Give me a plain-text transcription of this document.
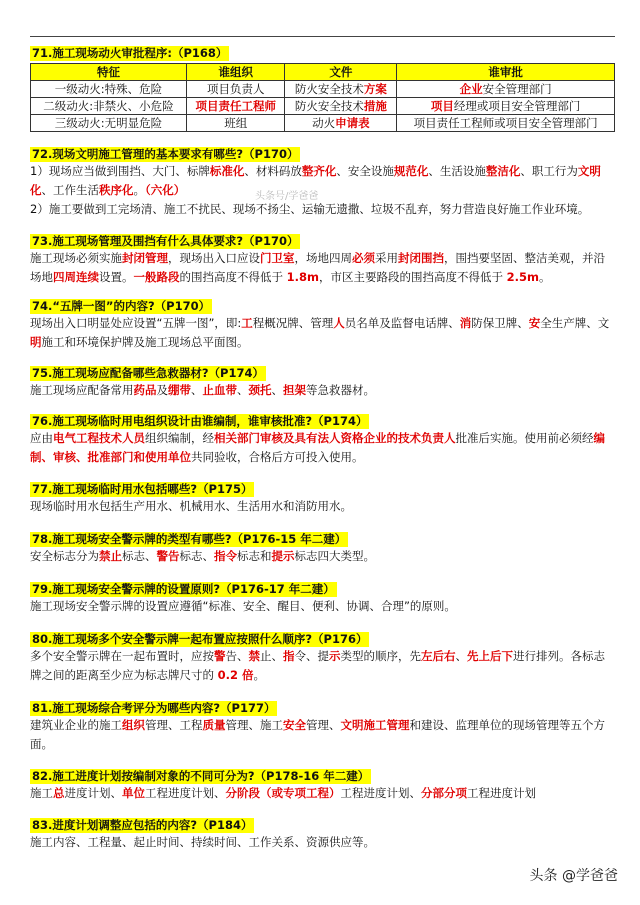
71.施工现场动火审批程序:（P168）
特征	谁组织	文件	谁审批
一级动火:特殊、危险	项目负责人	防火安全技术方案	企业安全管理部门
二级动火:非禁火、小危险	项目责任工程师	防火安全技术措施	项目经理或项目安全管理部门
三级动火:无明显危险	班组	动火申请表	项目责任工程师或项目安全管理部门
72.现场文明施工管理的基本要求有哪些?（P170）

1）现场应当做到围挡、大门、标牌标准化、材料码放整齐化、安全设施规范化、生活设施整洁化、职工行为文明化、工作生活秩序化。（六化）

2）施工要做到工完场清、施工不扰民、现场不扬尘、运输无遗撒、垃圾不乱弃，努力营造良好施工作业环境。

73.施工现场管理及围挡有什么具体要求?（P170）

施工现场必须实施封闭管理，现场出入口应设门卫室，场地四周必须采用封闭围挡，围挡要坚固、整洁美观，并沿场地四周连续设置。一般路段的围挡高度不得低于 1.8m，市区主要路段的围挡高度不得低于 2.5m。

74.“五牌一图”的内容?（P170）

现场出入口明显处应设置“五牌一图”，即:工程概况牌、管理人员名单及监督电话牌、消防保卫牌、安全生产牌、文明施工和环境保护牌及施工现场总平面图。

75.施工现场应配备哪些急救器材?（P174）

施工现场应配备常用药品及绷带、止血带、颈托、担架等急救器材。

76.施工现场临时用电组织设计由谁编制，谁审核批准?（P174）

应由电气工程技术人员组织编制，经相关部门审核及具有法人资格企业的技术负责人批准后实施。使用前必须经编制、审核、批准部门和使用单位共同验收，合格后方可投入使用。

77.施工现场临时用水包括哪些?（P175）

现场临时用水包括生产用水、机械用水、生活用水和消防用水。

78.施工现场安全警示牌的类型有哪些?（P176-15 年二建）

安全标志分为禁止标志、警告标志、指令标志和提示标志四大类型。

79.施工现场安全警示牌的设置原则?（P176-17 年二建）

施工现场安全警示牌的设置应遵循“标准、安全、醒目、便利、协调、合理”的原则。

80.施工现场多个安全警示牌一起布置应按照什么顺序?（P176）

多个安全警示牌在一起布置时，应按警告、禁止、指令、提示类型的顺序，先左后右、先上后下进行排列。各标志牌之间的距离至少应为标志牌尺寸的 0.2 倍。

81.施工现场综合考评分为哪些内容?（P177）

建筑业企业的施工组织管理、工程质量管理、施工安全管理、文明施工管理和建设、监理单位的现场管理等五个方面。

82.施工进度计划按编制对象的不同可分为?（P178-16 年二建）

施工总进度计划、单位工程进度计划、分阶段（或专项工程）工程进度计划、分部分项工程进度计划

83.进度计划调整应包括的内容?（P184）

施工内容、工程量、起止时间、持续时间、工作关系、资源供应等。

头条号/学爸爸
头条 @学爸爸
